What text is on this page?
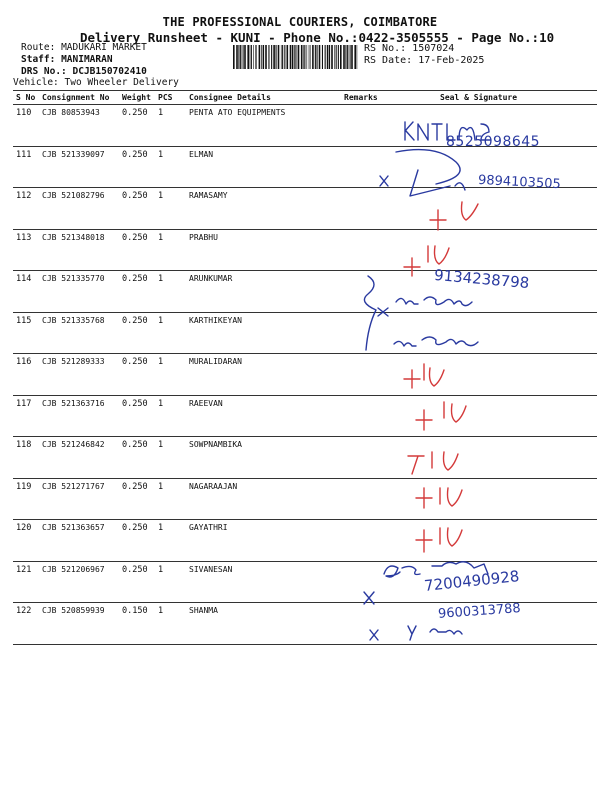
THE PROFESSIONAL COURIERS, COIMBATORE
Delivery Runsheet - KUNI - Phone No.:0422-3505555 - Page No.:10
Route: MADUKARI MARKET
Staff: MANIMARAN
DRS No.: DCJB150702410
Vehicle: Two Wheeler Delivery
RS No.: 1507024
RS Date: 17-Feb-2025
S No	Consignment No	Weight	PCS	Consignee Details	Remarks	Seal & Signature
110	CJB 80853943	0.250	1	PENTA ATO EQUIPMENTS		
111	CJB 521339097	0.250	1	ELMAN		
112	CJB 521082796	0.250	1	RAMASAMY		
113	CJB 521348018	0.250	1	PRABHU		
114	CJB 521335770	0.250	1	ARUNKUMAR		
115	CJB 521335768	0.250	1	KARTHIKEYAN		
116	CJB 521289333	0.250	1	MURALIDARAN		
117	CJB 521363716	0.250	1	RAEEVAN		
118	CJB 521246842	0.250	1	SOWPNAMBIKA		
119	CJB 521271767	0.250	1	NAGARAAJAN		
120	CJB 521363657	0.250	1	GAYATHRI		
121	CJB 521206967	0.250	1	SIVANESAN		
122	CJB 520859939	0.150	1	SHANMA		
8525098645
9894103505
9134238798
7200490928
9600313788
